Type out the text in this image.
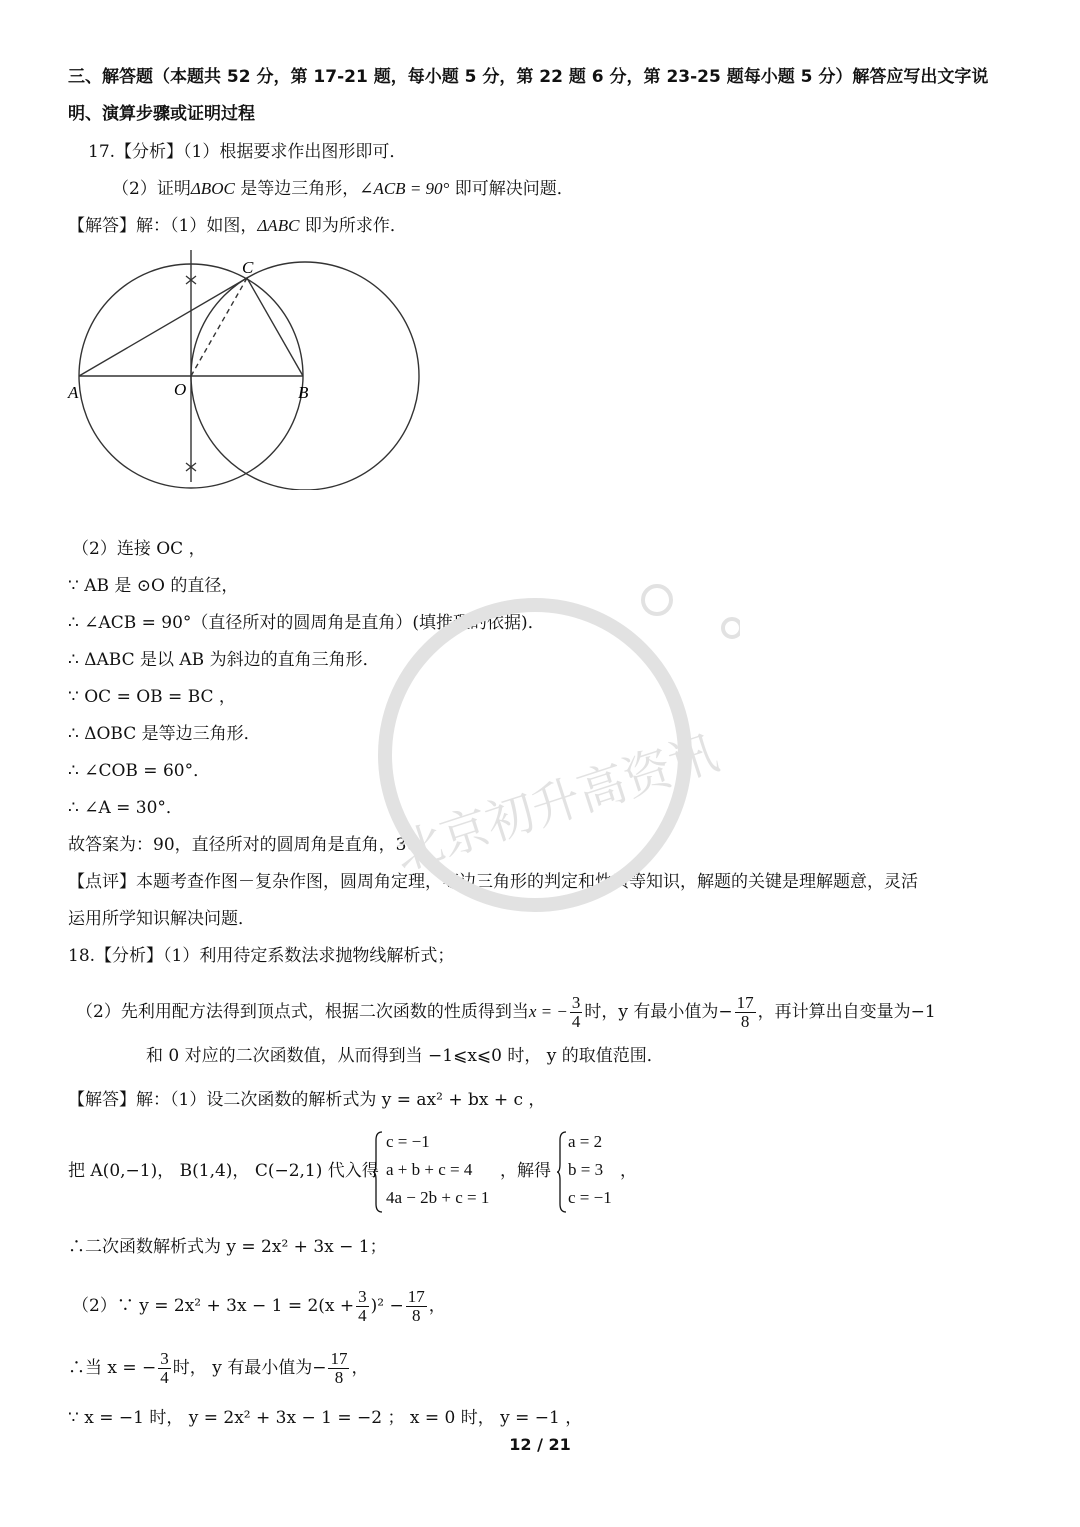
三、解答题（本题共 52 分，第 17-21 题，每小题 5 分，第 22 题 6 分，第 23-25 题每小题 5 分）解答应写出文字说
明、演算步骤或证明过程
17.【分析】（1）根据要求作出图形即可．
（2）证明ΔBOC 是等边三角形，∠ACB = 90° 即可解决问题．
【解答】解：（1）如图，ΔABC 即为所求作．
A	O	B
C
（2）连接 OC ，
∵ AB 是 ⊙O 的直径，
∴ ∠ACB = 90°（直径所对的圆周角是直角）(填推理的依据)．
∴ ΔABC 是以 AB 为斜边的直角三角形．
∵ OC = OB = BC ，
∴ ΔOBC 是等边三角形．
∴ ∠COB = 60°．
∴ ∠A = 30°．
故答案为：90，直径所对的圆周角是直角，30．
【点评】本题考查作图－复杂作图，圆周角定理，等边三角形的判定和性质等知识，解题的关键是理解题意，灵活
运用所学知识解决问题．
18.【分析】（1）利用待定系数法求抛物线解析式；
（2）先利用配方法得到顶点式，根据二次函数的性质得到当x = − $\frac{3}{4}$ 时，y 有最小值为− $\frac{17}{8}$ ，再计算出自变量为−1
和 0 对应的二次函数值，从而得到当 −1⩽x⩽0 时， y 的取值范围．
【解答】解：（1）设二次函数的解析式为 y = ax² + bx + c ，
把 A(0,−1)， B(1,4)， C(−2,1) 代入得
c = −1
a + b + c = 4
4a − 2b + c = 1
，解得
a = 2
b = 3
c = −1
，
∴二次函数解析式为 y = 2x² + 3x − 1；
（2）∵ $y = 2x^2 + 3x - 1 = 2(x + \frac{3}{4} )^2 - \frac{17}{8}$ ，
∴当 x = − $\frac{3}{4}$ 时， y 有最小值为− $\frac{17}{8}$ ，
∵ x = −1 时， y = 2x² + 3x − 1 = −2 ； x = 0 时， y = −1 ，
北京初升高资讯
12 / 21
